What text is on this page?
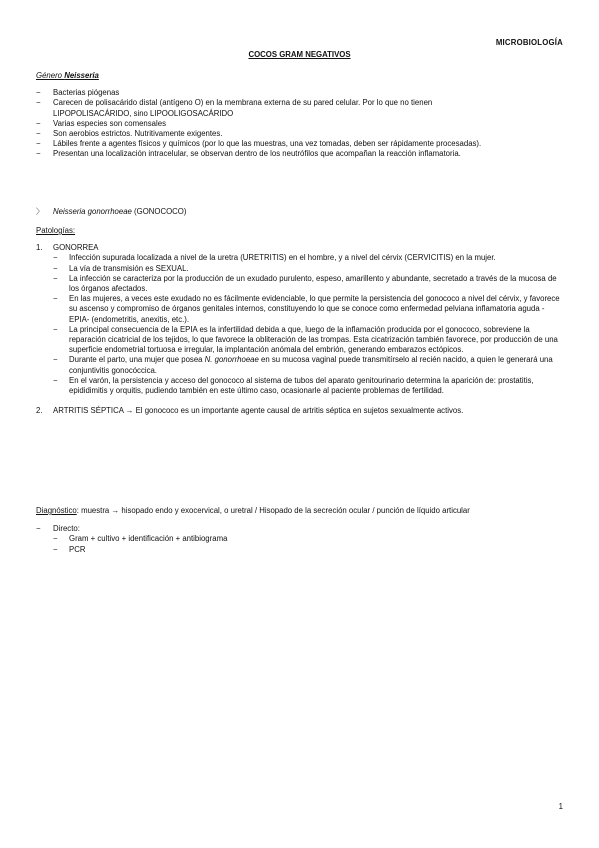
MICROBIOLOGÍA
COCOS GRAM NEGATIVOS
Género Neisseria
− Bacterias piógenas
− Carecen de polisacárido distal (antígeno O) en la membrana externa de su pared celular. Por lo que no tienen
LIPOPOLISACÁRIDO, sino LIPOOLIGOSACÁRIDO
− Varias especies son comensales
− Son aerobios estrictos. Nutritivamente exigentes.
− Lábiles frente a agentes físicos y químicos (por lo que las muestras, una vez tomadas, deben ser rápidamente procesadas).
− Presentan una localización intracelular, se observan dentro de los neutrófilos que acompañan la reacción inflamatoria.
〉 Neisseria gonorrhoeae (GONOCOCO)
Patologías:
1. GONORREA
− Infección supurada localizada a nivel de la uretra (URETRITIS) en el hombre, y a nivel del cérvix (CERVICITIS) en la mujer.
− La vía de transmisión es SEXUAL.
− La infección se caracteriza por la producción de un exudado purulento, espeso, amarillento y abundante, secretado a través de la mucosa de los órganos afectados.
− En las mujeres, a veces este exudado no es fácilmente evidenciable, lo que permite la persistencia del gonococo a nivel del cérvix, y favorece su ascenso y compromiso de órganos genitales internos, constituyendo lo que se conoce como enfermedad pelviana inflamatoria aguda -EPIA- (endometritis, anexitis, etc.).
− La principal consecuencia de la EPIA es la infertilidad debida a que, luego de la inflamación producida por el gonococo, sobreviene la reparación cicatricial de los tejidos, lo que favorece la obliteración de las trompas. Esta cicatrización también favorece, por producción de una superficie endometrial tortuosa e irregular, la implantación anómala del embrión, generando embarazos ectópicos.
− Durante el parto, una mujer que posea N. gonorrhoeae en su mucosa vaginal puede transmitírselo al recién nacido, a quien le generará una conjuntivitis gonocóccica.
− En el varón, la persistencia y acceso del gonococo al sistema de tubos del aparato genitourinario determina la aparición de: prostatitis, epididimitis y orquitis, pudiendo también en este último caso, ocasionarle al paciente problemas de fertilidad.
2. ARTRITIS SÉPTICA → El gonococo es un importante agente causal de artritis séptica en sujetos sexualmente activos.
Diagnóstico: muestra → hisopado endo y exocervical, o uretral / Hisopado de la secreción ocular / punción de líquido articular
− Directo:
− Gram + cultivo + identificación + antibiograma
− PCR
1
